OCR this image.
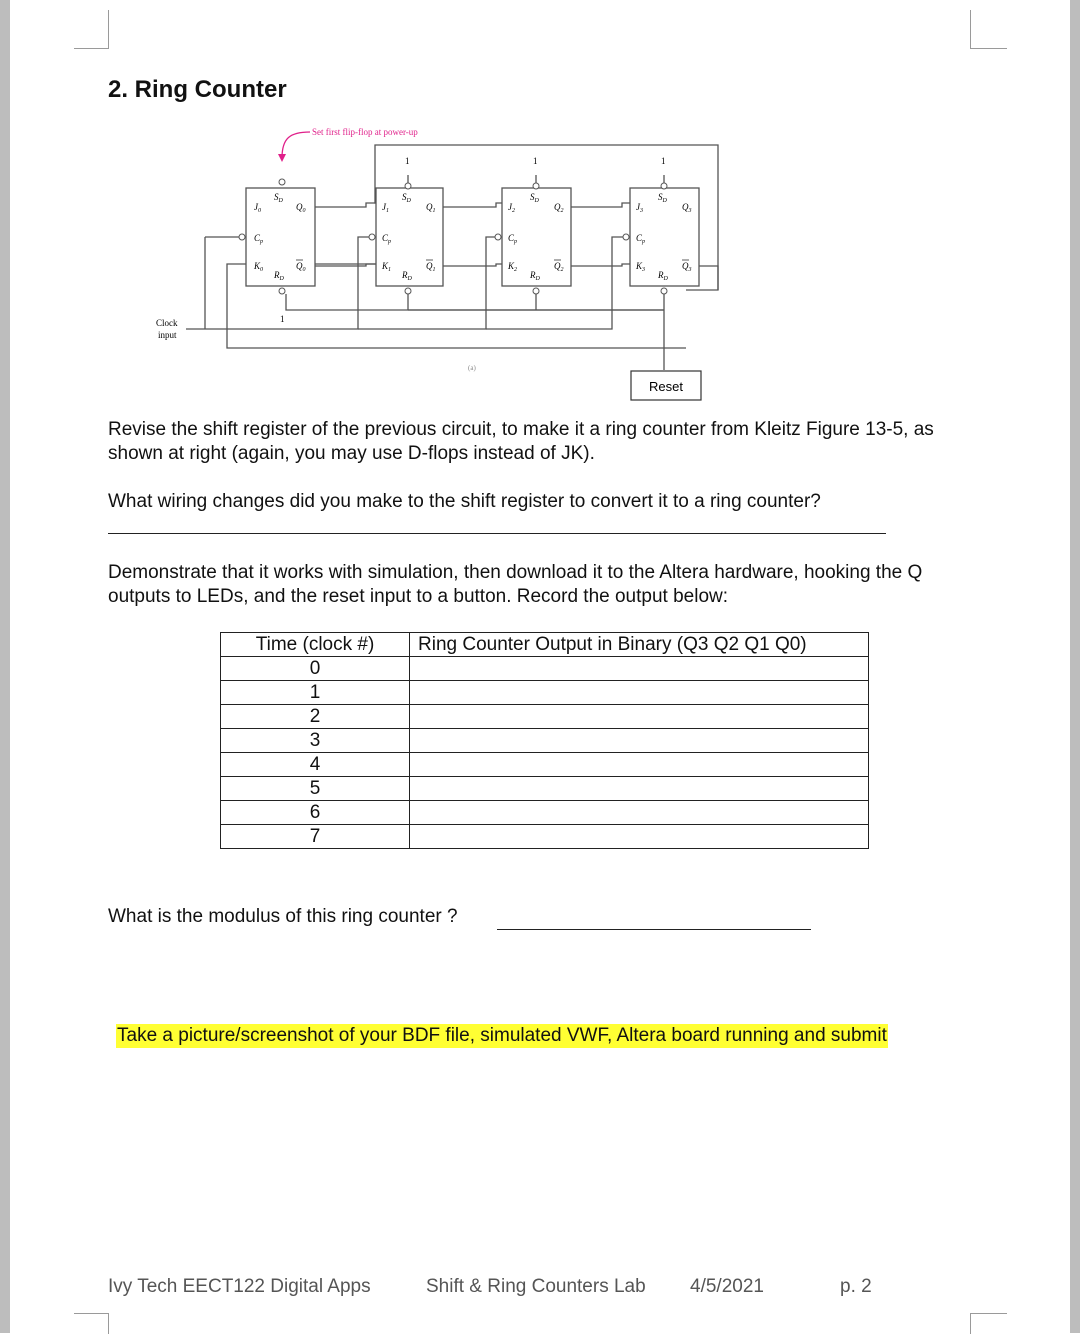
2. Ring Counter
Set first flip-flop at power-up
$S_D$
$J_0$	$Q_0$
$C_p$
$K_0$	$Q_0$
$R_D$
$S_D$
$J_1$	$Q_1$
$C_p$
$K_1$	$Q_1$
$R_D$
1
$S_D$
$J_2$	$Q_2$
$C_p$
$K_2$	$Q_2$
$R_D$
1
$S_D$
$J_3$	$Q_3$
$C_p$
$K_3$	$Q_3$
$R_D$
1
1
Clock
input
(a)
Reset

Revise the shift register of the previous circuit, to make it a ring counter from Kleitz Figure 13-5, as shown at right (again, you may use D-flops instead of JK).

What wiring changes did you make to the shift register to convert it to a ring counter?

Demonstrate that it works with simulation, then download it to the Altera hardware, hooking the Q outputs to LEDs, and the reset input to a button. Record the output below:

Time (clock #)	Ring Counter Output in Binary (Q3 Q2 Q1 Q0)
0	
1	
2	
3	
4	
5	
6	
7	

What is the modulus of this ring counter ?

Take a picture/screenshot of your BDF file, simulated VWF, Altera board running and submit

Ivy Tech EECT122 Digital Apps	Shift & Ring Counters Lab 4/5/2021	p. 2
